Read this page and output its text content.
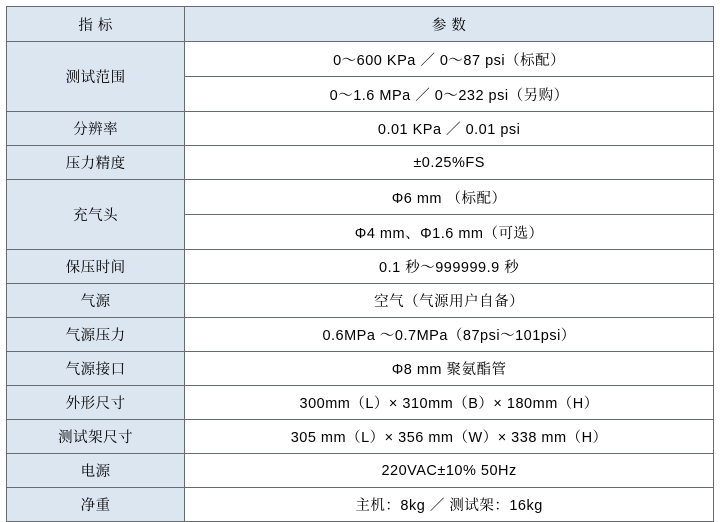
指 标	参 数
测试范围	0～600 KPa ／ 0～87 psi（标配）
	0～1.6 MPa ／ 0～232 psi（另购）
分辨率	0.01 KPa ／ 0.01 psi
压力精度	±0.25%FS
充气头	Φ6 mm （标配）
	Φ4 mm、Φ1.6 mm（可选）
保压时间	0.1 秒～999999.9 秒
气源	空气（气源用户自备）
气源压力	0.6MPa ～0.7MPa（87psi～101psi）
气源接口	Φ8 mm 聚氨酯管
外形尺寸	300mm（L）× 310mm（B）× 180mm（H）
测试架尺寸	305 mm（L）× 356 mm（W）× 338 mm（H）
电源	220VAC±10% 50Hz
净重	主机：8kg ／ 测试架：16kg
